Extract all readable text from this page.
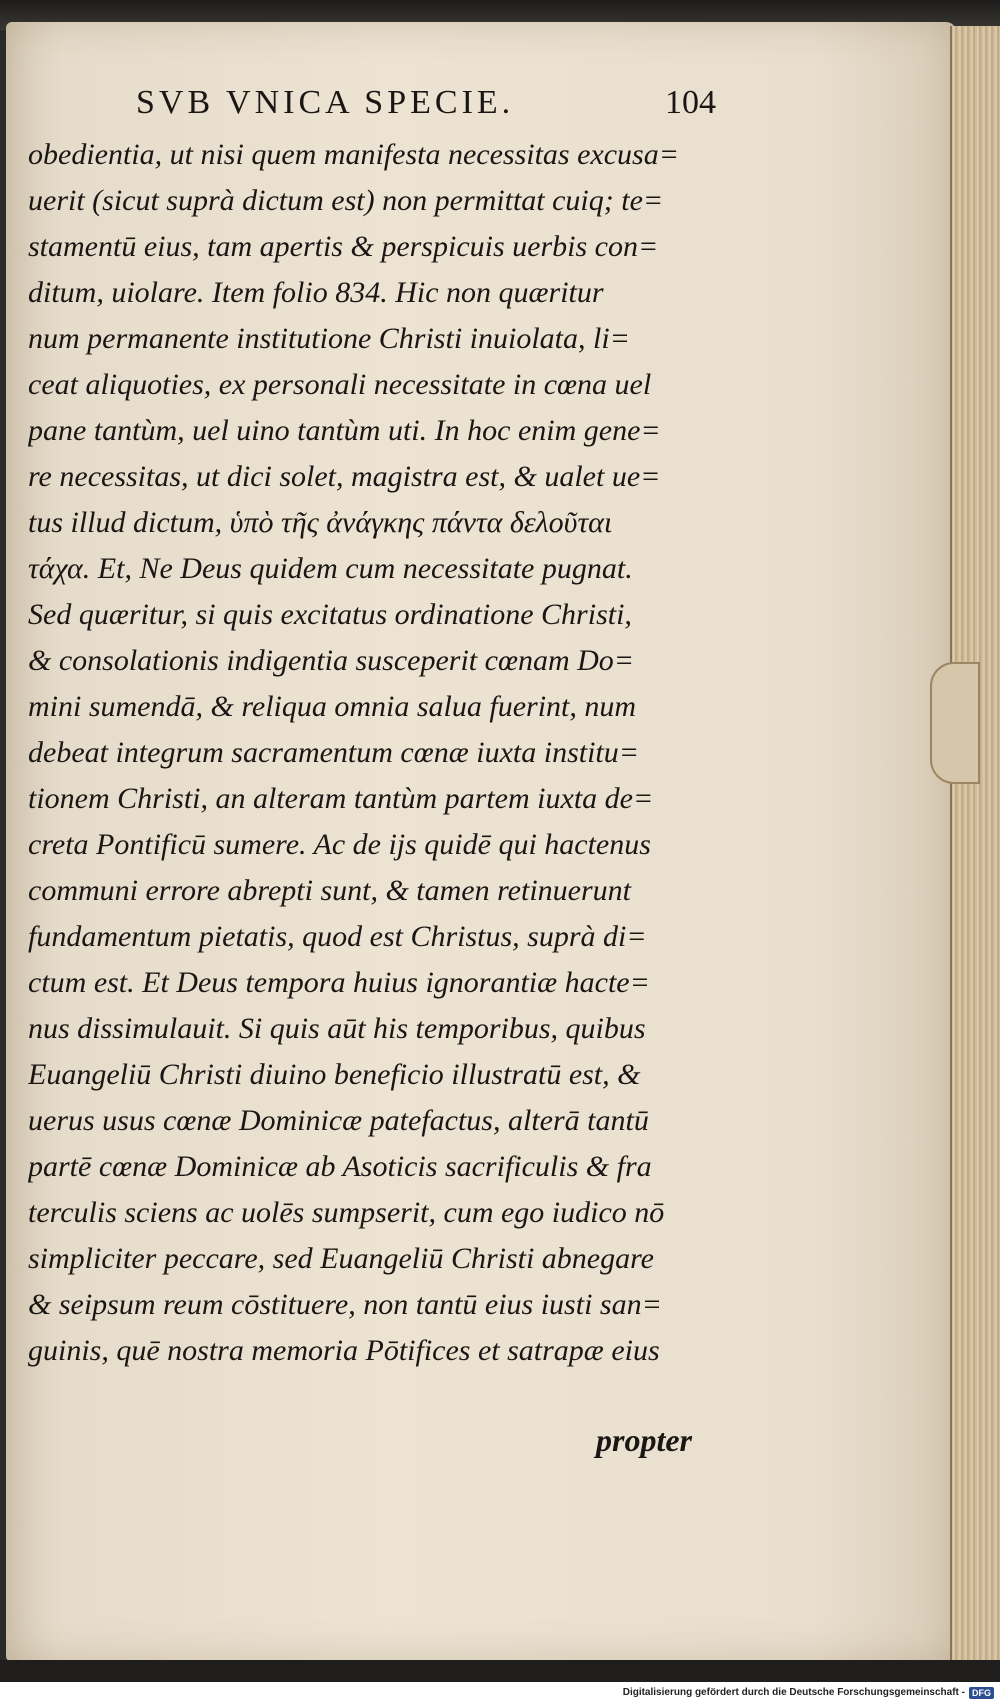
SVB VNICA SPECIE.	104
obedientia, ut nisi quem manifesta necessitas excusa=
uerit (sicut suprà dictum est) non permittat cuiq; te=
stamentū eius, tam apertis & perspicuis uerbis con=
ditum, uiolare. Item folio 834. Hic non quæritur
num permanente institutione Christi inuiolata, li=
ceat aliquoties, ex personali necessitate in cœna uel
pane tantùm, uel uino tantùm uti. In hoc enim gene=
re necessitas, ut dici solet, magistra est, & ualet ue=
tus illud dictum, ὑπὸ τῆς ἀνάγκης πάντα δελοῦται
τάχα. Et, Ne Deus quidem cum necessitate pugnat.
Sed quæritur, si quis excitatus ordinatione Christi,
& consolationis indigentia susceperit cœnam Do=
mini sumendā, & reliqua omnia salua fuerint, num
debeat integrum sacramentum cœnæ iuxta institu=
tionem Christi, an alteram tantùm partem iuxta de=
creta Pontificū sumere. Ac de ijs quidē qui hactenus
communi errore abrepti sunt, & tamen retinuerunt
fundamentum pietatis, quod est Christus, suprà di=
ctum est. Et Deus tempora huius ignorantiæ hacte=
nus dissimulauit. Si quis aūt his temporibus, quibus
Euangeliū Christi diuino beneficio illustratū est, &
uerus usus cœnæ Dominicæ patefactus, alterā tantū
partē cœnæ Dominicæ ab Asoticis sacrificulis & fra
terculis sciens ac uolēs sumpserit, cum ego iudico nō
simpliciter peccare, sed Euangeliū Christi abnegare
& seipsum reum cōstituere, non tantū eius iusti san=
guinis, quē nostra memoria Pōtifices et satrapæ eius
propter
Digitalisierung gefördert durch die Deutsche Forschungsgemeinschaft - DFG
